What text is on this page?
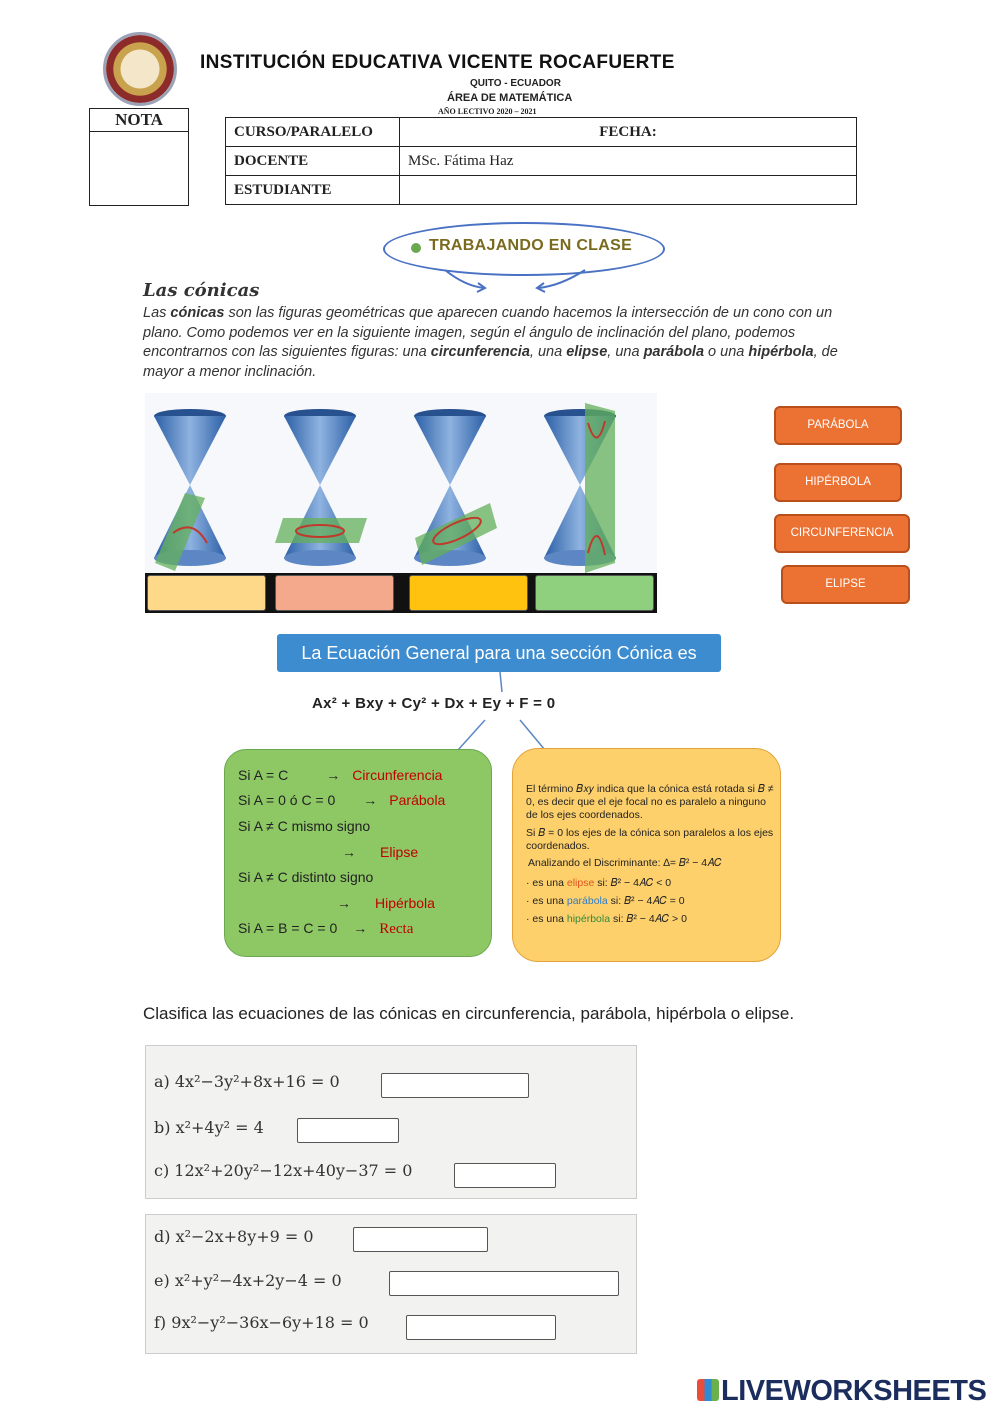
INSTITUCIÓN EDUCATIVA VICENTE ROCAFUERTE
QUITO - ECUADOR
ÁREA DE MATEMÁTICA
AÑO LECTIVO 2020 – 2021
NOTA
CURSO/PARALELO	FECHA:
DOCENTE	MSc. Fátima Haz
ESTUDIANTE	
TRABAJANDO EN CLASE
Las cónicas
Las cónicas son las figuras geométricas que aparecen cuando hacemos la intersección de un cono con un plano. Como podemos ver en la siguiente imagen, según el ángulo de inclinación del plano, podemos encontrarnos con las siguientes figuras: una circunferencia, una elipse, una parábola o una hipérbola, de mayor a menor inclinación.
PARÁBOLA
HIPÉRBOLA
CIRCUNFERENCIA
ELIPSE
La Ecuación General para una sección Cónica es
Ax² + Bxy + Cy² + Dx + Ey + F = 0
Si A = C	→ Circunferencia
Si A = 0 ó C = 0 → Parábola
Si A ≠ C mismo signo
→ Elipse
Si A ≠ C distinto signo
→ Hipérbola
Si A = B = C = 0 → Recta
El término 𝐵𝑥𝑦 indica que la cónica está rotada si 𝐵 ≠ 0, es decir que el eje focal no es paralelo a ninguno de los ejes coordenados.
Si 𝐵 = 0 los ejes de la cónica son paralelos a los ejes coordenados.
Analizando el Discriminante: ∆= 𝐵² − 4𝐴𝐶
· es una elipse si: 𝐵² − 4𝐴𝐶 < 0
· es una parábola si: 𝐵² − 4𝐴𝐶 = 0
· es una hipérbola si: 𝐵² − 4𝐴𝐶 > 0
Clasifica las ecuaciones de las cónicas en circunferencia, parábola, hipérbola o elipse.
a) 4x²−3y²+8x+16 = 0
b) x²+4y² = 4
c) 12x²+20y²−12x+40y−37 = 0
d) x²−2x+8y+9 = 0
e) x²+y²−4x+2y−4 = 0
f) 9x²−y²−36x−6y+18 = 0
LIVEWORKSHEETS
